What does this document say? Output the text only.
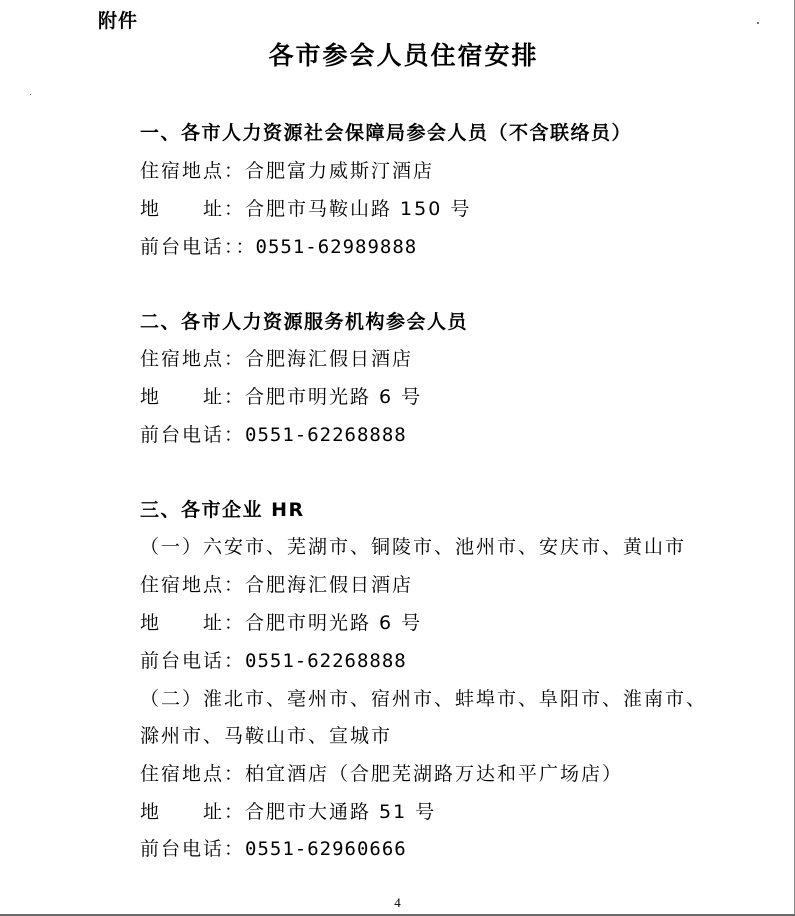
附件
各市参会人员住宿安排
一、各市人力资源社会保障局参会人员（不含联络员）
住宿地点：合肥富力威斯汀酒店
地　　址：合肥市马鞍山路 150 号
前台电话：：0551-62989888
二、各市人力资源服务机构参会人员
住宿地点：合肥海汇假日酒店
地　　址：合肥市明光路 6 号
前台电话：0551-62268888
三、各市企业 HR
（一）六安市、芜湖市、铜陵市、池州市、安庆市、黄山市
住宿地点：合肥海汇假日酒店
地　　址：合肥市明光路 6 号
前台电话：0551-62268888
（二）淮北市、亳州市、宿州市、蚌埠市、阜阳市、淮南市、
滁州市、马鞍山市、宣城市
住宿地点：柏宜酒店（合肥芜湖路万达和平广场店）
地　　址：合肥市大通路 51 号
前台电话：0551-62960666
4
